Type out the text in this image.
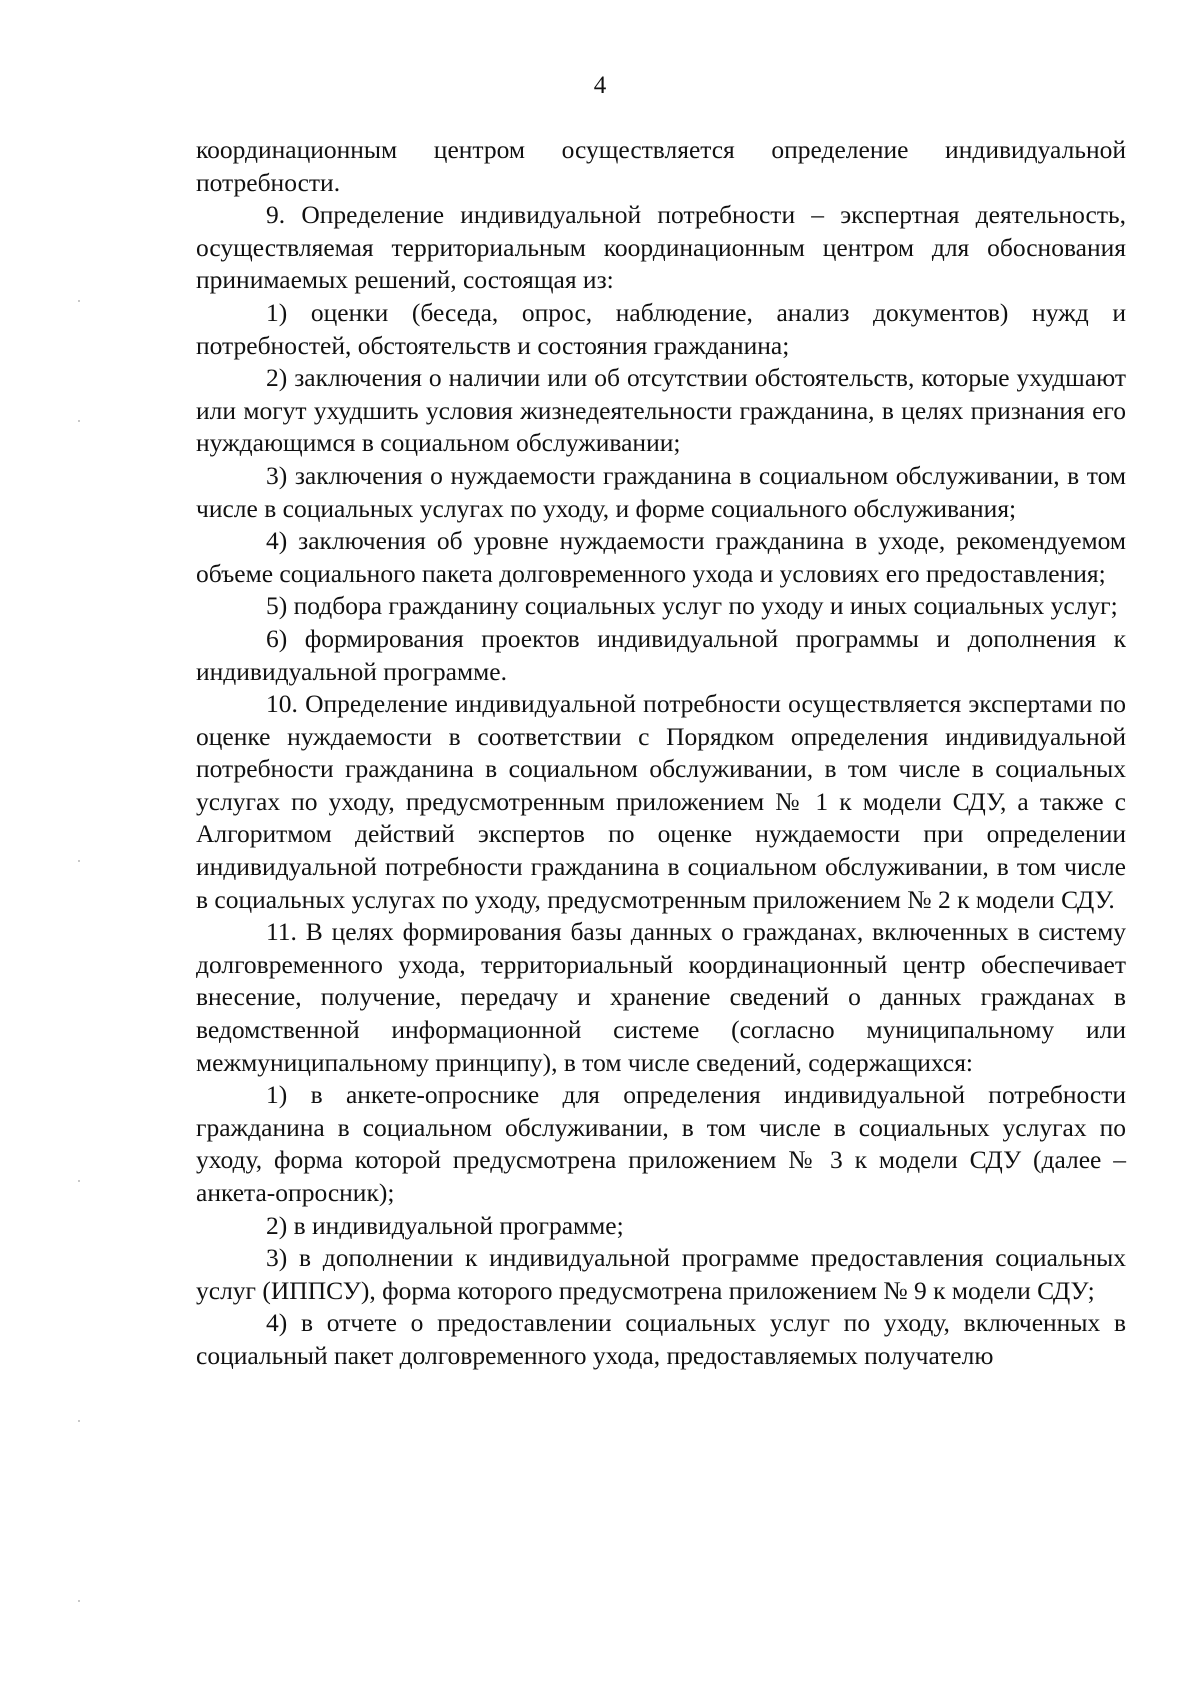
4

координационным центром осуществляется определение индивидуальной потребности.

9. Определение индивидуальной потребности – экспертная деятельность, осуществляемая территориальным координационным центром для обоснования принимаемых решений, состоящая из:

1) оценки (беседа, опрос, наблюдение, анализ документов) нужд и потребностей, обстоятельств и состояния гражданина;

2) заключения о наличии или об отсутствии обстоятельств, которые ухудшают или могут ухудшить условия жизнедеятельности гражданина, в целях признания его нуждающимся в социальном обслуживании;

3) заключения о нуждаемости гражданина в социальном обслуживании, в том числе в социальных услугах по уходу, и форме социального обслуживания;

4) заключения об уровне нуждаемости гражданина в уходе, рекомендуемом объеме социального пакета долговременного ухода и условиях его предоставления;

5) подбора гражданину социальных услуг по уходу и иных социальных услуг;

6) формирования проектов индивидуальной программы и дополнения к индивидуальной программе.

10. Определение индивидуальной потребности осуществляется экспертами по оценке нуждаемости в соответствии с Порядком определения индивидуальной потребности гражданина в социальном обслуживании, в том числе в социальных услугах по уходу, предусмотренным приложением № 1 к модели СДУ, а также с Алгоритмом действий экспертов по оценке нуждаемости при определении индивидуальной потребности гражданина в социальном обслуживании, в том числе в социальных услугах по уходу, предусмотренным приложением № 2 к модели СДУ.

11. В целях формирования базы данных о гражданах, включенных в систему долговременного ухода, территориальный координационный центр обеспечивает внесение, получение, передачу и хранение сведений о данных гражданах в ведомственной информационной системе (согласно муниципальному или межмуниципальному принципу), в том числе сведений, содержащихся:

1) в анкете-опроснике для определения индивидуальной потребности гражданина в социальном обслуживании, в том числе в социальных услугах по уходу, форма которой предусмотрена приложением № 3 к модели СДУ (далее – анкета-опросник);

2) в индивидуальной программе;

3) в дополнении к индивидуальной программе предоставления социальных услуг (ИППСУ), форма которого предусмотрена приложением № 9 к модели СДУ;

4) в отчете о предоставлении социальных услуг по уходу, включенных в социальный пакет долговременного ухода, предоставляемых получателю
